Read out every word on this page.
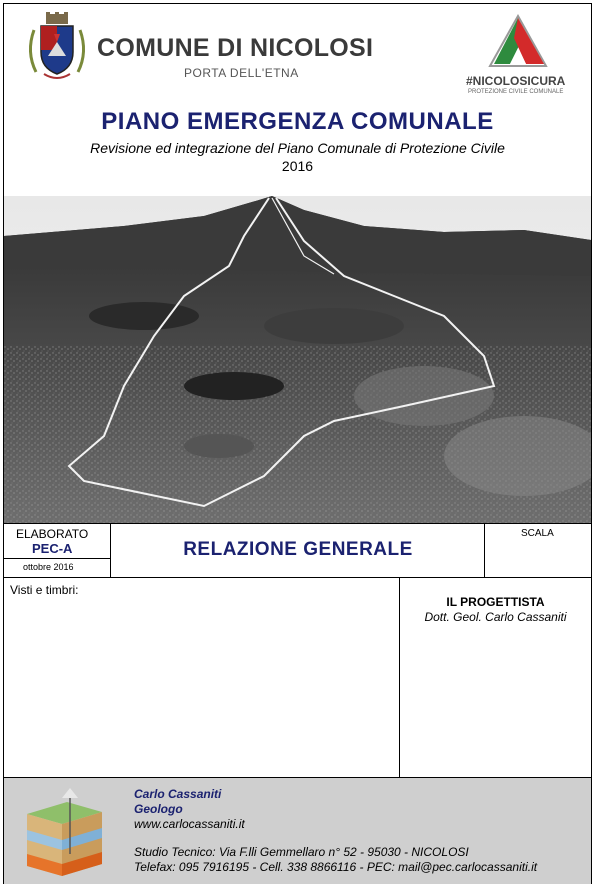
COMUNE DI NICOLOSI
PORTA DELL'ETNA
#NICOLOSICURA
PROTEZIONE CIVILE COMUNALE
PIANO EMERGENZA COMUNALE
Revisione ed integrazione del Piano Comunale di Protezione Civile
2016
ELABORATO
PEC-A
ottobre 2016
RELAZIONE GENERALE
SCALA
Visti e timbri:
IL PROGETTISTA
Dott. Geol. Carlo Cassaniti
Carlo Cassaniti
Geologo
www.carlocassaniti.it
Studio Tecnico: Via F.lli Gemmellaro n° 52 - 95030 - NICOLOSI
Telefax: 095 7916195 - Cell. 338 8866116 - PEC: mail@pec.carlocassaniti.it
